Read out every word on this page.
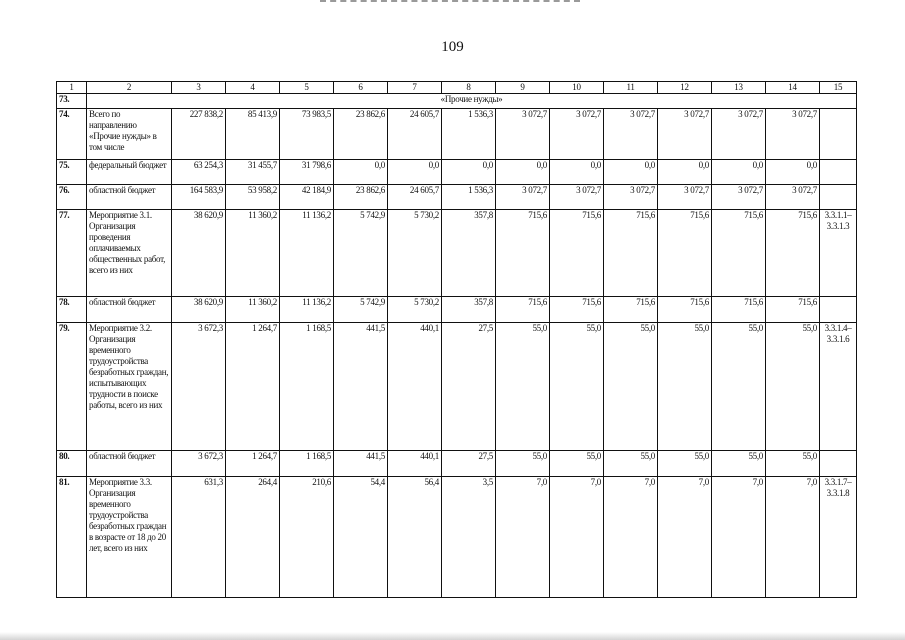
109
1	2	3	4	5	6	7	8	9	10	11	12	13	14	15
73.	«Прочие нужды»													
74.	Всего по направлению «Прочие нужды» в том числе	227 838,2	85 413,9	73 983,5	23 862,6	24 605,7	1 536,3	3 072,7	3 072,7	3 072,7	3 072,7	3 072,7	3 072,7	
75.	федеральный бюджет	63 254,3	31 455,7	31 798,6	0,0	0,0	0,0	0,0	0,0	0,0	0,0	0,0	0,0	
76.	областной бюджет	164 583,9	53 958,2	42 184,9	23 862,6	24 605,7	1 536,3	3 072,7	3 072,7	3 072,7	3 072,7	3 072,7	3 072,7	
77.	Мероприятие 3.1. Организация проведения оплачиваемых общественных работ, всего из них	38 620,9	11 360,2	11 136,2	5 742,9	5 730,2	357,8	715,6	715,6	715,6	715,6	715,6	715,6	3.3.1.1–3.3.1.3
78.	областной бюджет	38 620,9	11 360,2	11 136,2	5 742,9	5 730,2	357,8	715,6	715,6	715,6	715,6	715,6	715,6	
79.	Мероприятие 3.2. Организация временного трудоустройства безработных граждан, испытывающих трудности в поиске работы, всего из них	3 672,3	1 264,7	1 168,5	441,5	440,1	27,5	55,0	55,0	55,0	55,0	55,0	55,0	3.3.1.4–3.3.1.6
80.	областной бюджет	3 672,3	1 264,7	1 168,5	441,5	440,1	27,5	55,0	55,0	55,0	55,0	55,0	55,0	
81.	Мероприятие 3.3. Организация временного трудоустройства безработных граждан в возрасте от 18 до 20 лет, всего из них	631,3	264,4	210,6	54,4	56,4	3,5	7,0	7,0	7,0	7,0	7,0	7,0	3.3.1.7–3.3.1.8
